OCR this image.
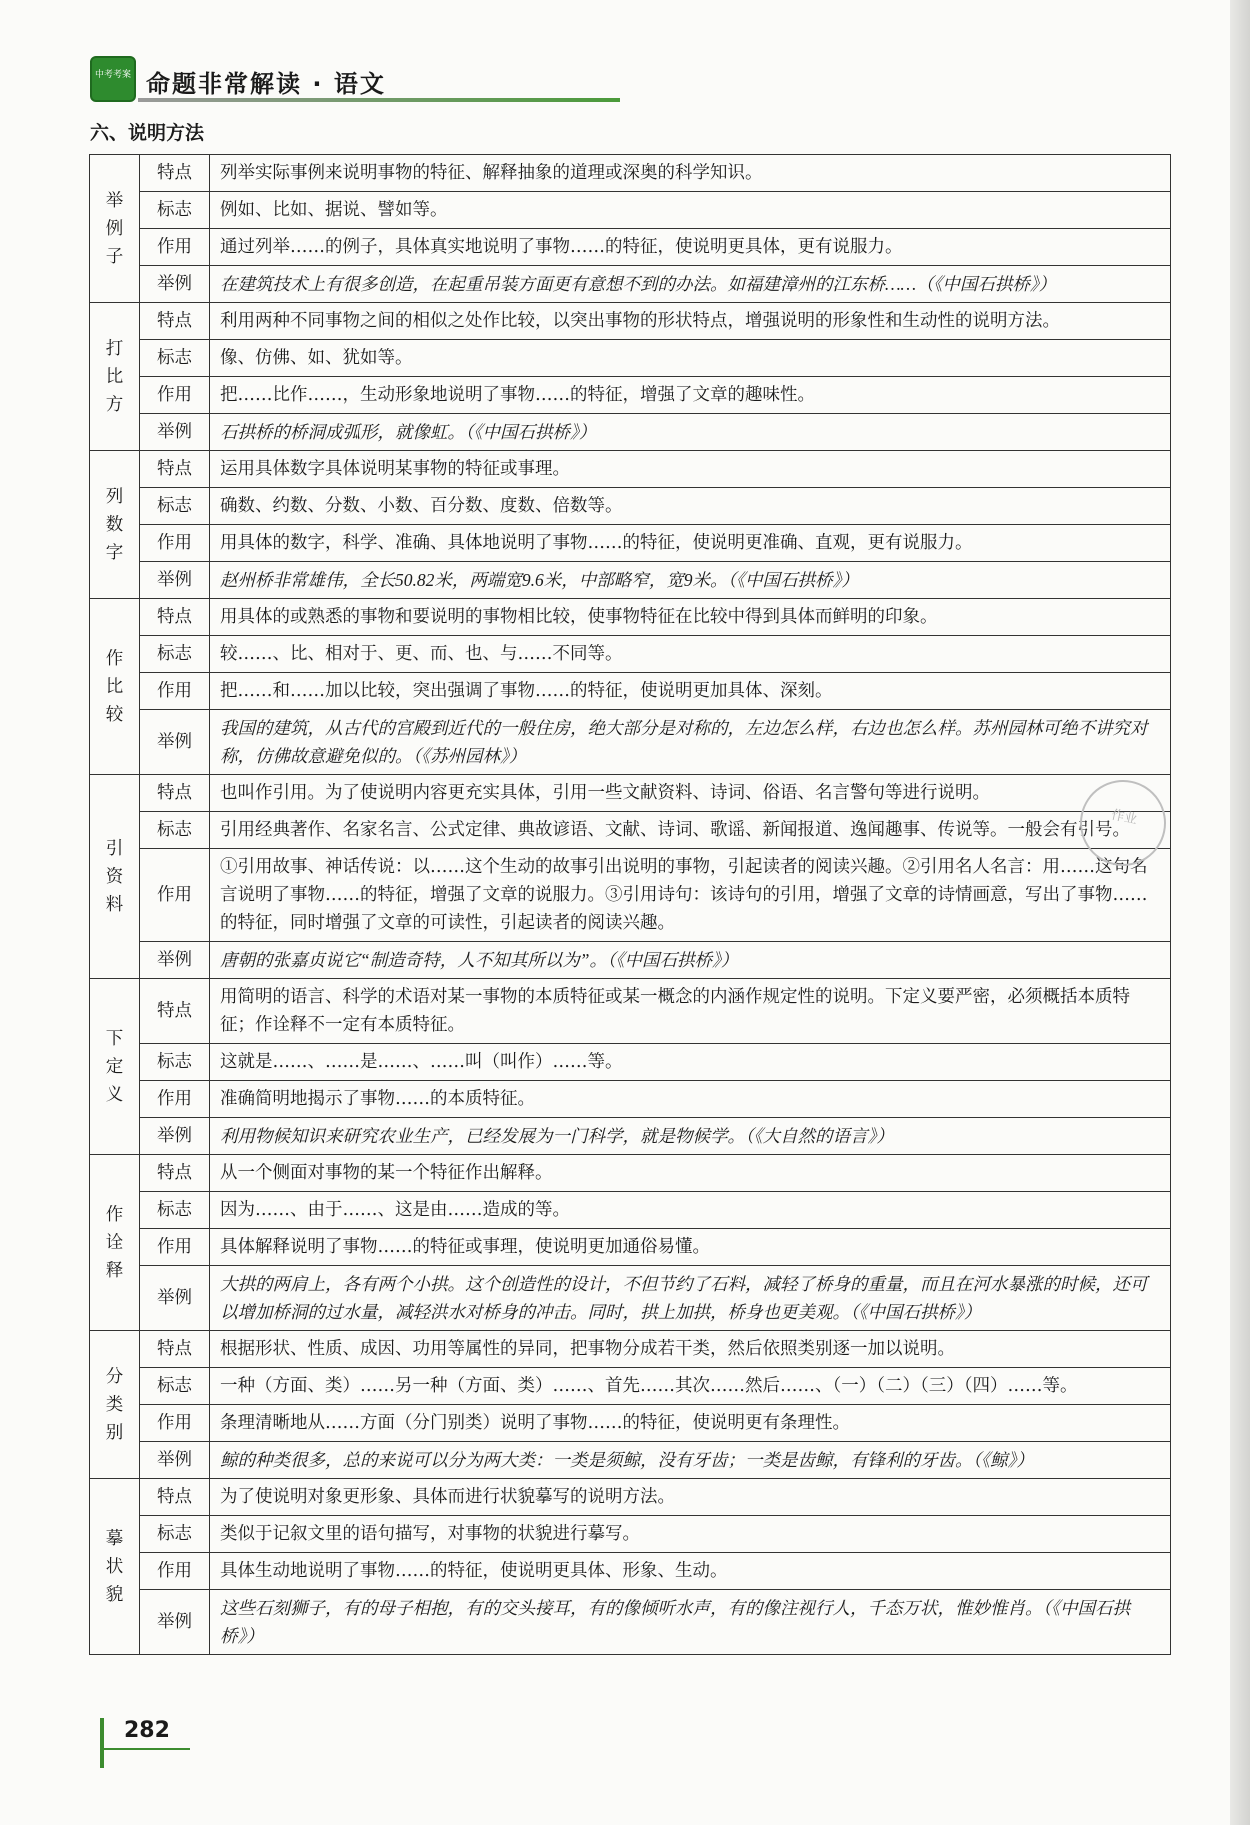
中考考案 命题非常解读 · 语文
六、说明方法
举例子	特点	列举实际事例来说明事物的特征、解释抽象的道理或深奥的科学知识。
	标志	例如、比如、据说、譬如等。
	作用	通过列举……的例子，具体真实地说明了事物……的特征，使说明更具体，更有说服力。
	举例	在建筑技术上有很多创造，在起重吊装方面更有意想不到的办法。如福建漳州的江东桥……（《中国石拱桥》）
打比方	特点	利用两种不同事物之间的相似之处作比较，以突出事物的形状特点，增强说明的形象性和生动性的说明方法。
	标志	像、仿佛、如、犹如等。
	作用	把……比作……，生动形象地说明了事物……的特征，增强了文章的趣味性。
	举例	石拱桥的桥洞成弧形，就像虹。（《中国石拱桥》）
列数字	特点	运用具体数字具体说明某事物的特征或事理。
	标志	确数、约数、分数、小数、百分数、度数、倍数等。
	作用	用具体的数字，科学、准确、具体地说明了事物……的特征，使说明更准确、直观，更有说服力。
	举例	赵州桥非常雄伟，全长50.82米，两端宽9.6米，中部略窄，宽9米。（《中国石拱桥》）
作比较	特点	用具体的或熟悉的事物和要说明的事物相比较，使事物特征在比较中得到具体而鲜明的印象。
	标志	较……、比、相对于、更、而、也、与……不同等。
	作用	把……和……加以比较，突出强调了事物……的特征，使说明更加具体、深刻。
	举例	我国的建筑，从古代的宫殿到近代的一般住房，绝大部分是对称的，左边怎么样，右边也怎么样。苏州园林可绝不讲究对称，仿佛故意避免似的。（《苏州园林》）
引资料	特点	也叫作引用。为了使说明内容更充实具体，引用一些文献资料、诗词、俗语、名言警句等进行说明。
	标志	引用经典著作、名家名言、公式定律、典故谚语、文献、诗词、歌谣、新闻报道、逸闻趣事、传说等。一般会有引号。
	作用	①引用故事、神话传说：以……这个生动的故事引出说明的事物，引起读者的阅读兴趣。②引用名人名言：用……这句名言说明了事物……的特征，增强了文章的说服力。③引用诗句：该诗句的引用，增强了文章的诗情画意，写出了事物……的特征，同时增强了文章的可读性，引起读者的阅读兴趣。
	举例	唐朝的张嘉贞说它“制造奇特，人不知其所以为”。（《中国石拱桥》）
下定义	特点	用简明的语言、科学的术语对某一事物的本质特征或某一概念的内涵作规定性的说明。下定义要严密，必须概括本质特征；作诠释不一定有本质特征。
	标志	这就是……、……是……、……叫（叫作）……等。
	作用	准确简明地揭示了事物……的本质特征。
	举例	利用物候知识来研究农业生产，已经发展为一门科学，就是物候学。（《大自然的语言》）
作诠释	特点	从一个侧面对事物的某一个特征作出解释。
	标志	因为……、由于……、这是由……造成的等。
	作用	具体解释说明了事物……的特征或事理，使说明更加通俗易懂。
	举例	大拱的两肩上，各有两个小拱。这个创造性的设计，不但节约了石料，减轻了桥身的重量，而且在河水暴涨的时候，还可以增加桥洞的过水量，减轻洪水对桥身的冲击。同时，拱上加拱，桥身也更美观。（《中国石拱桥》）
分类别	特点	根据形状、性质、成因、功用等属性的异同，把事物分成若干类，然后依照类别逐一加以说明。
	标志	一种（方面、类）……另一种（方面、类）……、首先……其次……然后……、（一）（二）（三）（四）……等。
	作用	条理清晰地从……方面（分门别类）说明了事物……的特征，使说明更有条理性。
	举例	鲸的种类很多，总的来说可以分为两大类：一类是须鲸，没有牙齿；一类是齿鲸，有锋利的牙齿。（《鲸》）
摹状貌	特点	为了使说明对象更形象、具体而进行状貌摹写的说明方法。
	标志	类似于记叙文里的语句描写，对事物的状貌进行摹写。
	作用	具体生动地说明了事物……的特征，使说明更具体、形象、生动。
	举例	这些石刻狮子，有的母子相抱，有的交头接耳，有的像倾听水声，有的像注视行人，千态万状，惟妙惟肖。（《中国石拱桥》）
作业
282
